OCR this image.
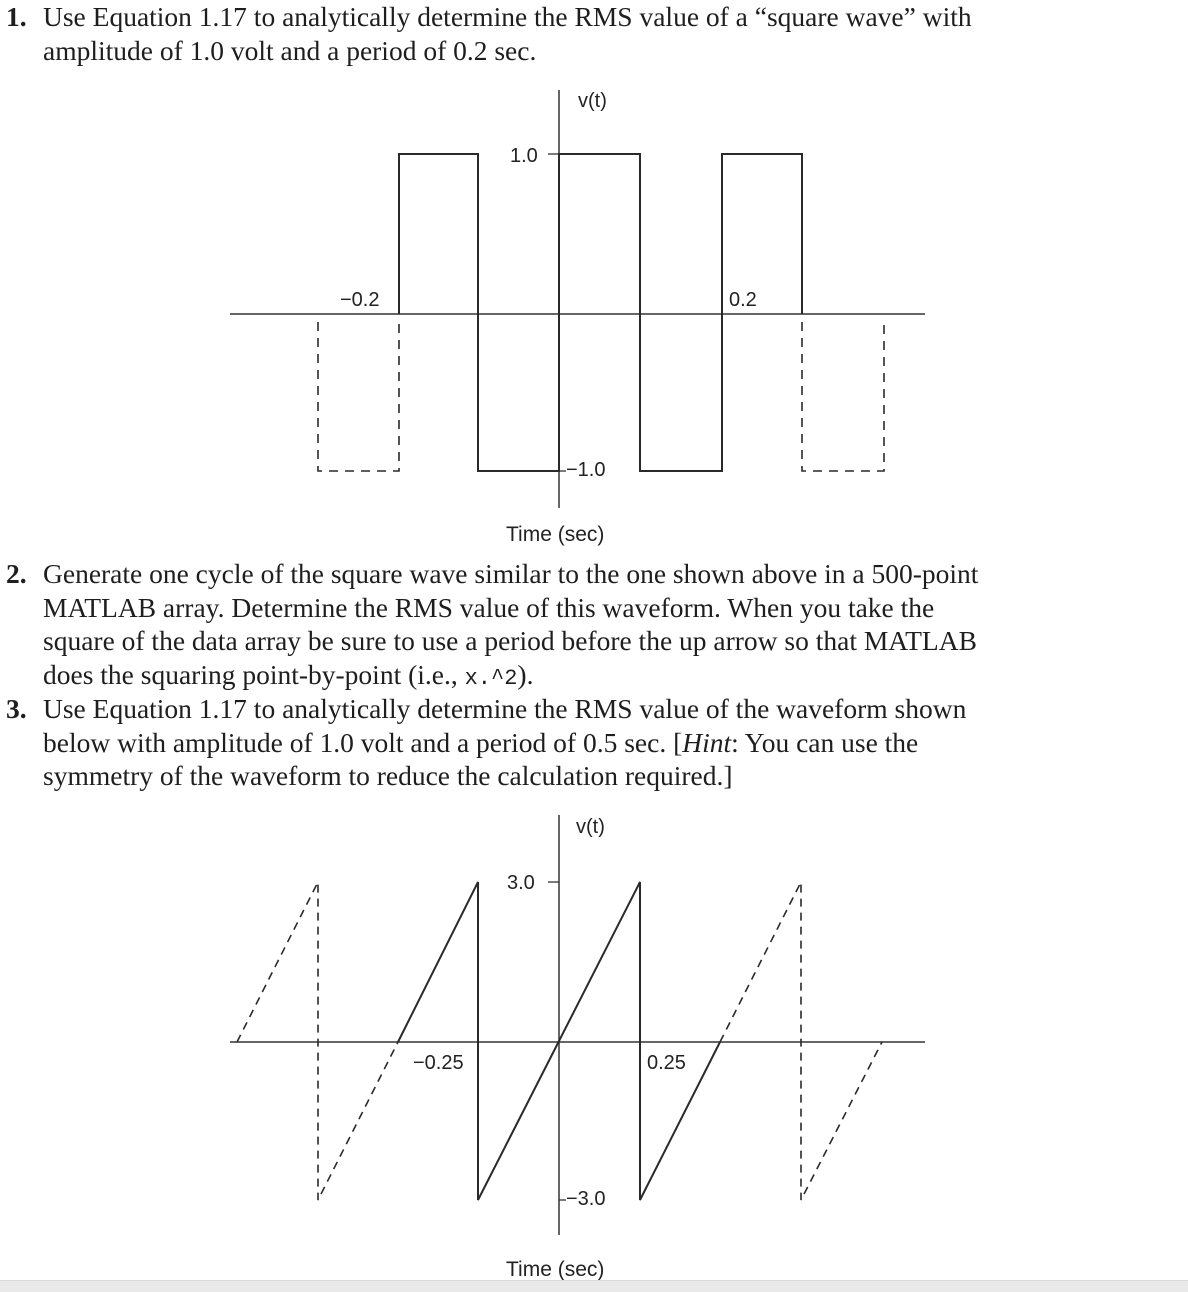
1. Use Equation 1.17 to analytically determine the RMS value of a “square wave” with
amplitude of 1.0 volt and a period of 0.2 sec.
v(t)
1.0
−1.0
−0.2	0.2
Time (sec)
2. Generate one cycle of the square wave similar to the one shown above in a 500-point
MATLAB array. Determine the RMS value of this waveform. When you take the
square of the data array be sure to use a period before the up arrow so that MATLAB
does the squaring point-by-point (i.e., x.^2).
3. Use Equation 1.17 to analytically determine the RMS value of the waveform shown
below with amplitude of 1.0 volt and a period of 0.5 sec. [Hint: You can use the
symmetry of the waveform to reduce the calculation required.]
v(t)
3.0
−3.0
−0.25	0.25
Time (sec)
